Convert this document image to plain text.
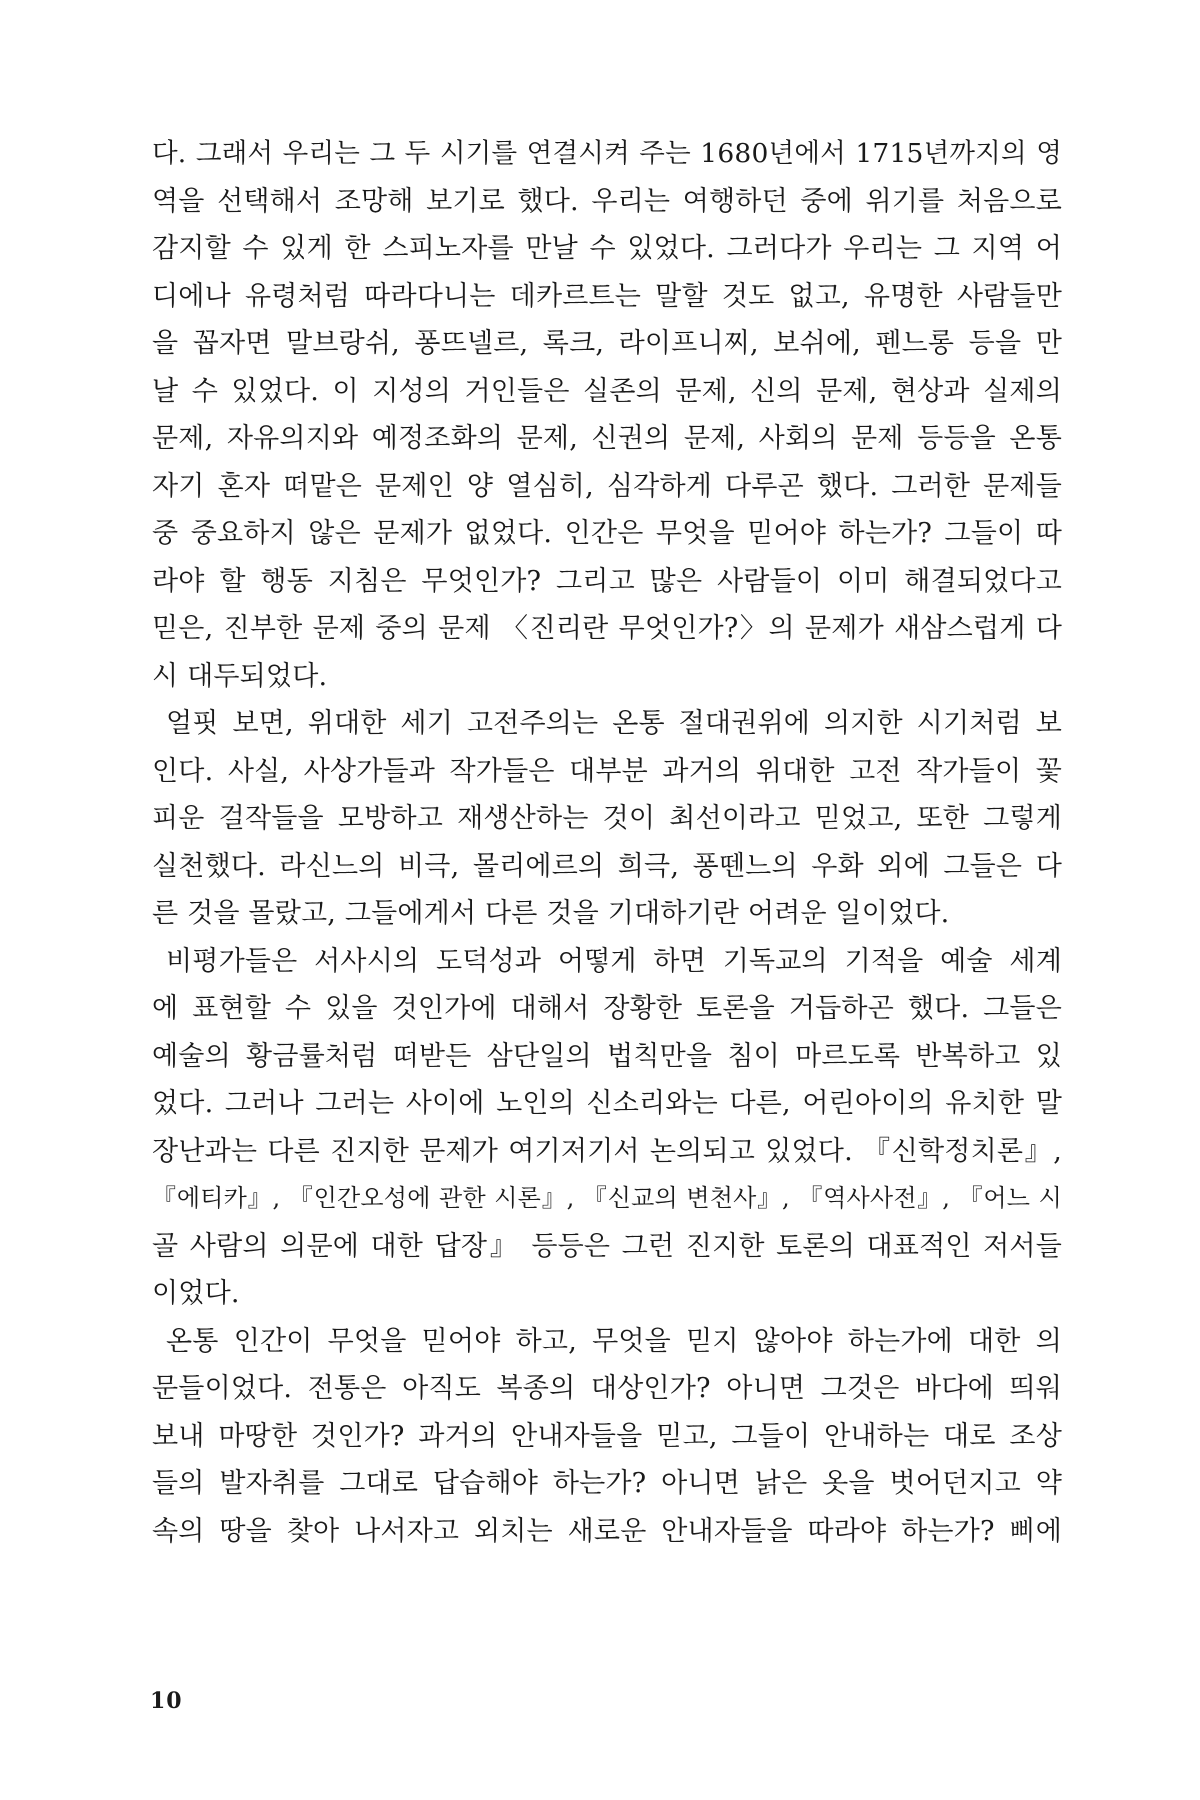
다. 그래서 우리는 그 두 시기를 연결시켜 주는 1680년에서 1715년까지의 영
역을 선택해서 조망해 보기로 했다. 우리는 여행하던 중에 위기를 처음으로
감지할 수 있게 한 스피노자를 만날 수 있었다. 그러다가 우리는 그 지역 어
디에나 유령처럼 따라다니는 데카르트는 말할 것도 없고, 유명한 사람들만
을 꼽자면 말브랑쉬, 퐁뜨넬르, 록크, 라이프니찌, 보쉬에, 펜느롱 등을 만
날 수 있었다. 이 지성의 거인들은 실존의 문제, 신의 문제, 현상과 실제의
문제, 자유의지와 예정조화의 문제, 신권의 문제, 사회의 문제 등등을 온통
자기 혼자 떠맡은 문제인 양 열심히, 심각하게 다루곤 했다. 그러한 문제들
중 중요하지 않은 문제가 없었다. 인간은 무엇을 믿어야 하는가? 그들이 따
라야 할 행동 지침은 무엇인가? 그리고 많은 사람들이 이미 해결되었다고
믿은, 진부한 문제 중의 문제 〈진리란 무엇인가?〉의 문제가 새삼스럽게 다
시 대두되었다.
얼핏 보면, 위대한 세기 고전주의는 온통 절대권위에 의지한 시기처럼 보
인다. 사실, 사상가들과 작가들은 대부분 과거의 위대한 고전 작가들이 꽃
피운 걸작들을 모방하고 재생산하는 것이 최선이라고 믿었고, 또한 그렇게
실천했다. 라신느의 비극, 몰리에르의 희극, 퐁뗀느의 우화 외에 그들은 다
른 것을 몰랐고, 그들에게서 다른 것을 기대하기란 어려운 일이었다.
비평가들은 서사시의 도덕성과 어떻게 하면 기독교의 기적을 예술 세계
에 표현할 수 있을 것인가에 대해서 장황한 토론을 거듭하곤 했다. 그들은
예술의 황금률처럼 떠받든 삼단일의 법칙만을 침이 마르도록 반복하고 있
었다. 그러나 그러는 사이에 노인의 신소리와는 다른, 어린아이의 유치한 말
장난과는 다른 진지한 문제가 여기저기서 논의되고 있었다. 『신학정치론』,
『에티카』, 『인간오성에 관한 시론』, 『신교의 변천사』, 『역사사전』, 『어느 시
골 사람의 의문에 대한 답장』 등등은 그런 진지한 토론의 대표적인 저서들
이었다.
온통 인간이 무엇을 믿어야 하고, 무엇을 믿지 않아야 하는가에 대한 의
문들이었다. 전통은 아직도 복종의 대상인가? 아니면 그것은 바다에 띄워
보내 마땅한 것인가? 과거의 안내자들을 믿고, 그들이 안내하는 대로 조상
들의 발자취를 그대로 답습해야 하는가? 아니면 낡은 옷을 벗어던지고 약
속의 땅을 찾아 나서자고 외치는 새로운 안내자들을 따라야 하는가? 삐에
10
